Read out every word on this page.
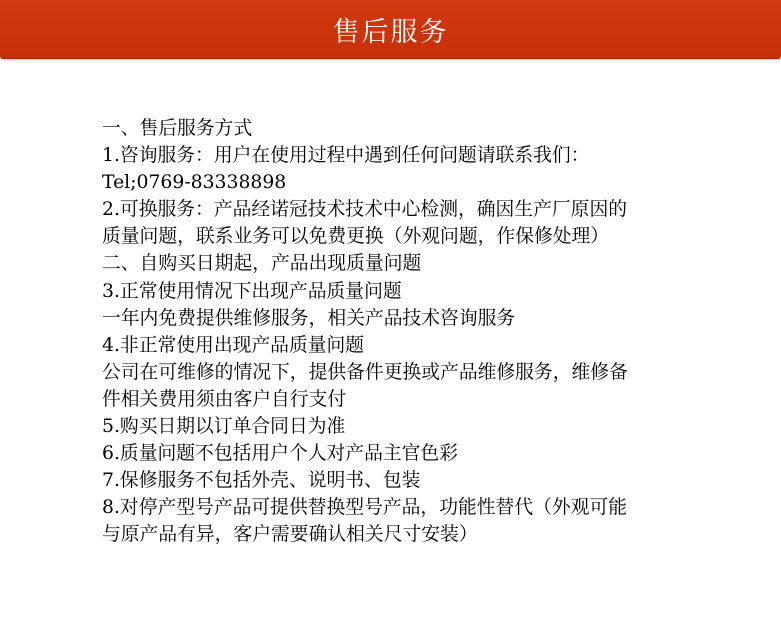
售后服务
一、售后服务方式
1.咨询服务：用户在使用过程中遇到任何问题请联系我们：
Tel;0769-83338898
2.可换服务：产品经诺冠技术技术中心检测，确因生产厂原因的
质量问题，联系业务可以免费更换（外观问题，作保修处理）
二、自购买日期起，产品出现质量问题
3.正常使用情况下出现产品质量问题
一年内免费提供维修服务，相关产品技术咨询服务
4.非正常使用出现产品质量问题
公司在可维修的情况下，提供备件更换或产品维修服务，维修备
件相关费用须由客户自行支付
5.购买日期以订单合同日为准
6.质量问题不包括用户个人对产品主官色彩
7.保修服务不包括外壳、说明书、包装
8.对停产型号产品可提供替换型号产品，功能性替代（外观可能
与原产品有异，客户需要确认相关尺寸安装）
